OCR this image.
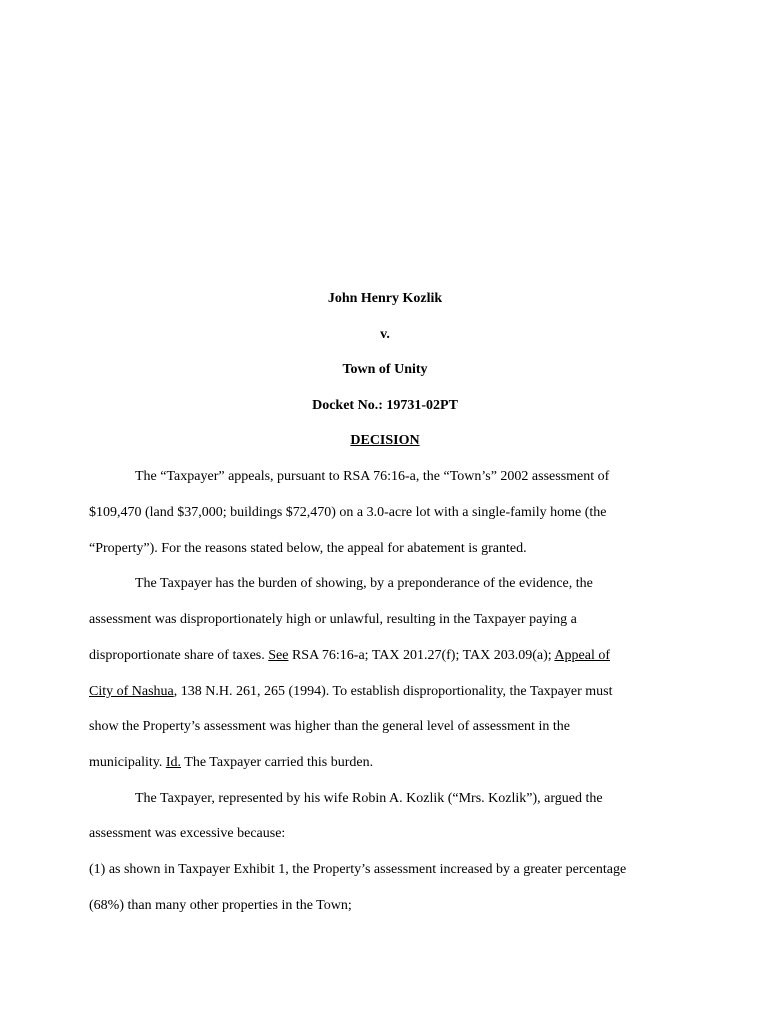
John Henry Kozlik
v.
Town of Unity
Docket No.: 19731-02PT
DECISION
The “Taxpayer” appeals, pursuant to RSA 76:16-a, the “Town’s” 2002 assessment of
$109,470 (land $37,000; buildings $72,470) on a 3.0-acre lot with a single-family home (the
“Property”). For the reasons stated below, the appeal for abatement is granted.
The Taxpayer has the burden of showing, by a preponderance of the evidence, the
assessment was disproportionately high or unlawful, resulting in the Taxpayer paying a
disproportionate share of taxes. See RSA 76:16-a; TAX 201.27(f); TAX 203.09(a); Appeal of
City of Nashua, 138 N.H. 261, 265 (1994). To establish disproportionality, the Taxpayer must
show the Property’s assessment was higher than the general level of assessment in the
municipality. Id. The Taxpayer carried this burden.
The Taxpayer, represented by his wife Robin A. Kozlik (“Mrs. Kozlik”), argued the
assessment was excessive because:
(1) as shown in Taxpayer Exhibit 1, the Property’s assessment increased by a greater percentage
(68%) than many other properties in the Town;
